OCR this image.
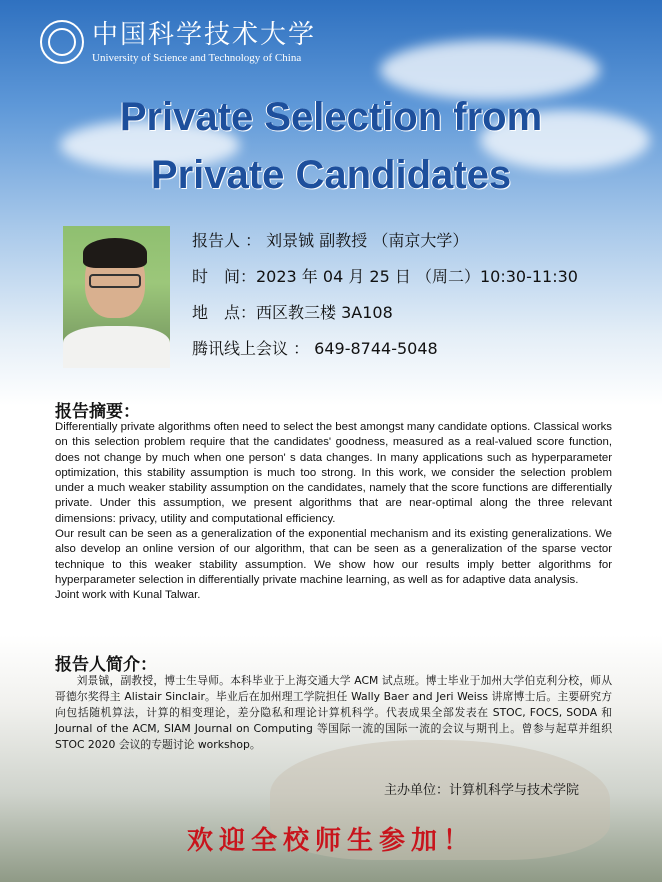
中国科学技术大学
University of Science and Technology of China
Private Selection from
Private Candidates
报告人 ： 刘景铖 副教授 （南京大学）
时　间：2023 年 04 月 25 日 （周二）10:30-11:30
地　点：西区教三楼 3A108
腾讯线上会议 ： 649-8744-5048
报告摘要：

Differentially private algorithms often need to select the best amongst many candidate options. Classical works on this selection problem require that the candidates' goodness, measured as a real-valued score function, does not change by much when one person' s data changes. In many applications such as hyperparameter optimization, this stability assumption is much too strong. In this work, we consider the selection problem under a much weaker stability assumption on the candidates, namely that the score functions are differentially private. Under this assumption, we present algorithms that are near-optimal along the three relevant dimensions: privacy, utility and computational efficiency.

Our result can be seen as a generalization of the exponential mechanism and its existing generalizations. We also develop an online version of our algorithm, that can be seen as a generalization of the sparse vector technique to this weaker stability assumption. We show how our results imply better algorithms for hyperparameter selection in differentially private machine learning, as well as for adaptive data analysis.

Joint work with Kunal Talwar.

报告人简介：
刘景铖，副教授，博士生导师。本科毕业于上海交通大学 ACM 试点班。博士毕业于加州大学伯克利分校，师从哥德尔奖得主 Alistair Sinclair。毕业后在加州理工学院担任 Wally Baer and Jeri Weiss 讲席博士后。主要研究方向包括随机算法，计算的相变理论，差分隐私和理论计算机科学。代表成果全部发表在 STOC, FOCS, SODA 和 Journal of the ACM, SIAM Journal on Computing 等国际一流的国际一流的会议与期刊上。曾参与起草并组织 STOC 2020 会议的专题讨论 workshop。
主办单位：计算机科学与技术学院
欢迎全校师生参加！
